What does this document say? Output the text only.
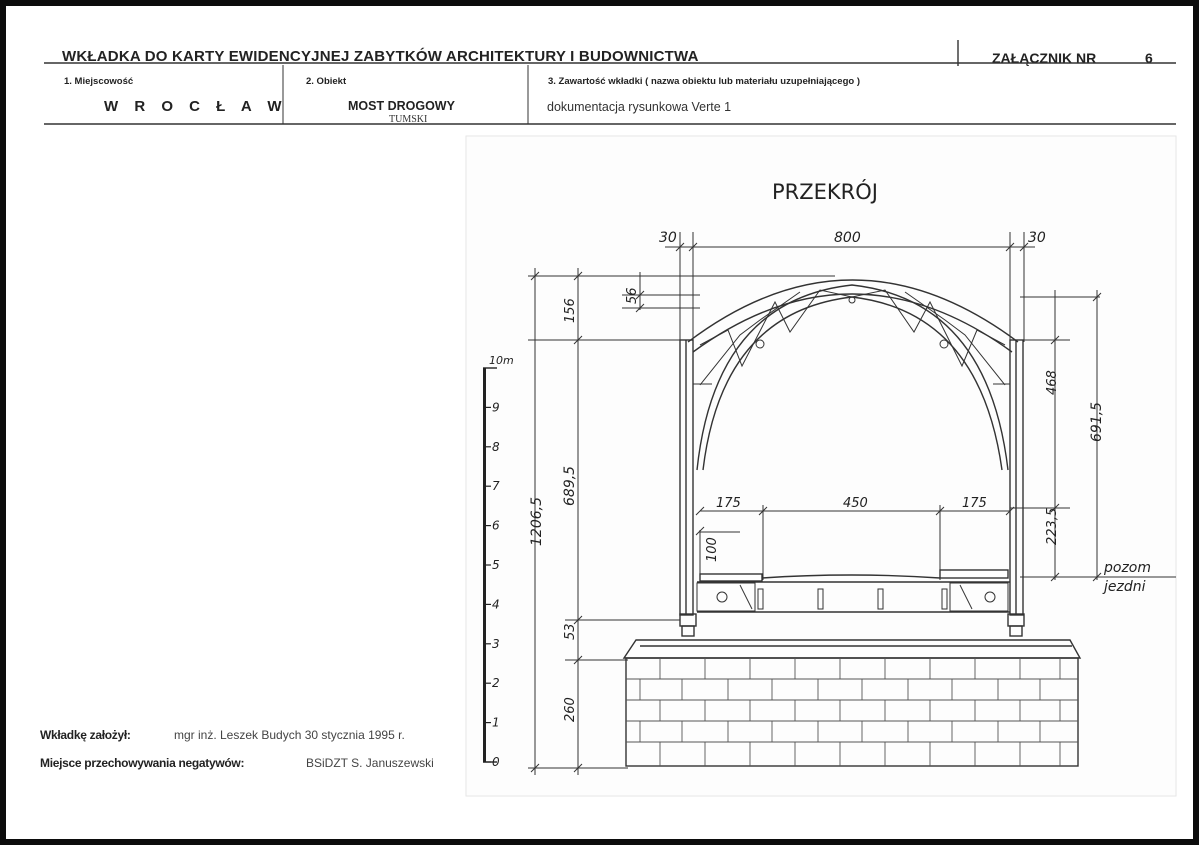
WKŁADKA DO KARTY EWIDENCYJNEJ ZABYTKÓW ARCHITEKTURY I BUDOWNICTWA	ZAŁĄCZNIK NR	6
1. Miejscowość	2. Obiekt	3. Zawartość wkładki ( nazwa obiektu lub materiału uzupełniającego )
W R O C Ł A W	MOST DROGOWY
TUMSKI
dokumentacja rysunkowa Verte 1
Wkładkę założył:	mgr inż. Leszek Budych 30 stycznia 1995 r.
Miejsce przechowywania negatywów:	BSiDZT S. Januszewski
PRZEKRÓJ
30	800	30
56
156
1206,5
689,5
53
260
468
691,5
223,5
175	450	175
100
pozom
jezdni
10m
9
8
7
6
5
4
3
2
1
0
